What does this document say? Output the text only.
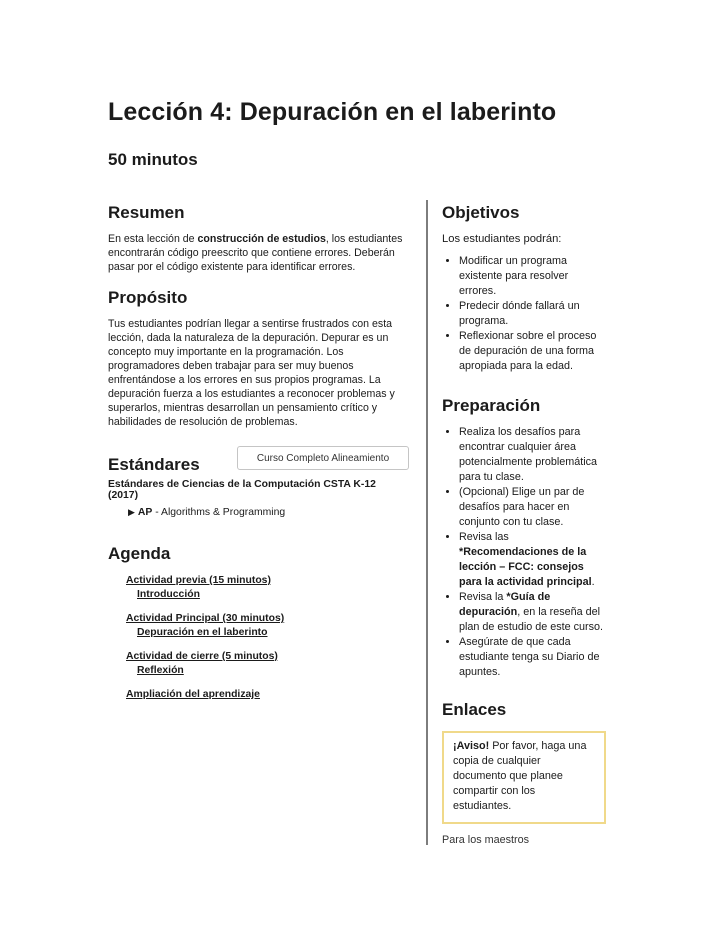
Lección 4: Depuración en el laberinto
50 minutos
Resumen

En esta lección de construcción de estudios, los estudiantes encontrarán código preescrito que contiene errores. Deberán pasar por el código existente para identificar errores.

Propósito

Tus estudiantes podrían llegar a sentirse frustrados con esta lección, dada la naturaleza de la depuración. Depurar es un concepto muy importante en la programación. Los programadores deben trabajar para ser muy buenos enfrentándose a los errores en sus propios programas. La depuración fuerza a los estudiantes a reconocer problemas y superarlos, mientras desarrollan un pensamiento crítico y habilidades de resolución de problemas.

Estándares	Curso Completo Alineamiento
Estándares de Ciencias de la Computación CSTA K-12 (2017)
▶ AP - Algorithms & Programming
Agenda
Actividad previa (15 minutos)
Introducción
Actividad Principal (30 minutos)
Depuración en el laberinto
Actividad de cierre (5 minutos)
Reflexión
Ampliación del aprendizaje
Objetivos

Los estudiantes podrán:

• Modificar un programa existente para resolver errores.
• Predecir dónde fallará un programa.
• Reflexionar sobre el proceso de depuración de una forma apropiada para la edad.
Preparación
• Realiza los desafíos para encontrar cualquier área potencialmente problemática para tu clase.
• (Opcional) Elige un par de desafíos para hacer en conjunto con tu clase.
• Revisa las *Recomendaciones de la lección – FCC: consejos para la actividad principal.
• Revisa la *Guía de depuración, en la reseña del plan de estudio de este curso.
• Asegúrate de que cada estudiante tenga su Diario de apuntes.
Enlaces
¡Aviso! Por favor, haga una copia de cualquier documento que planee compartir con los estudiantes.
Para los maestros
